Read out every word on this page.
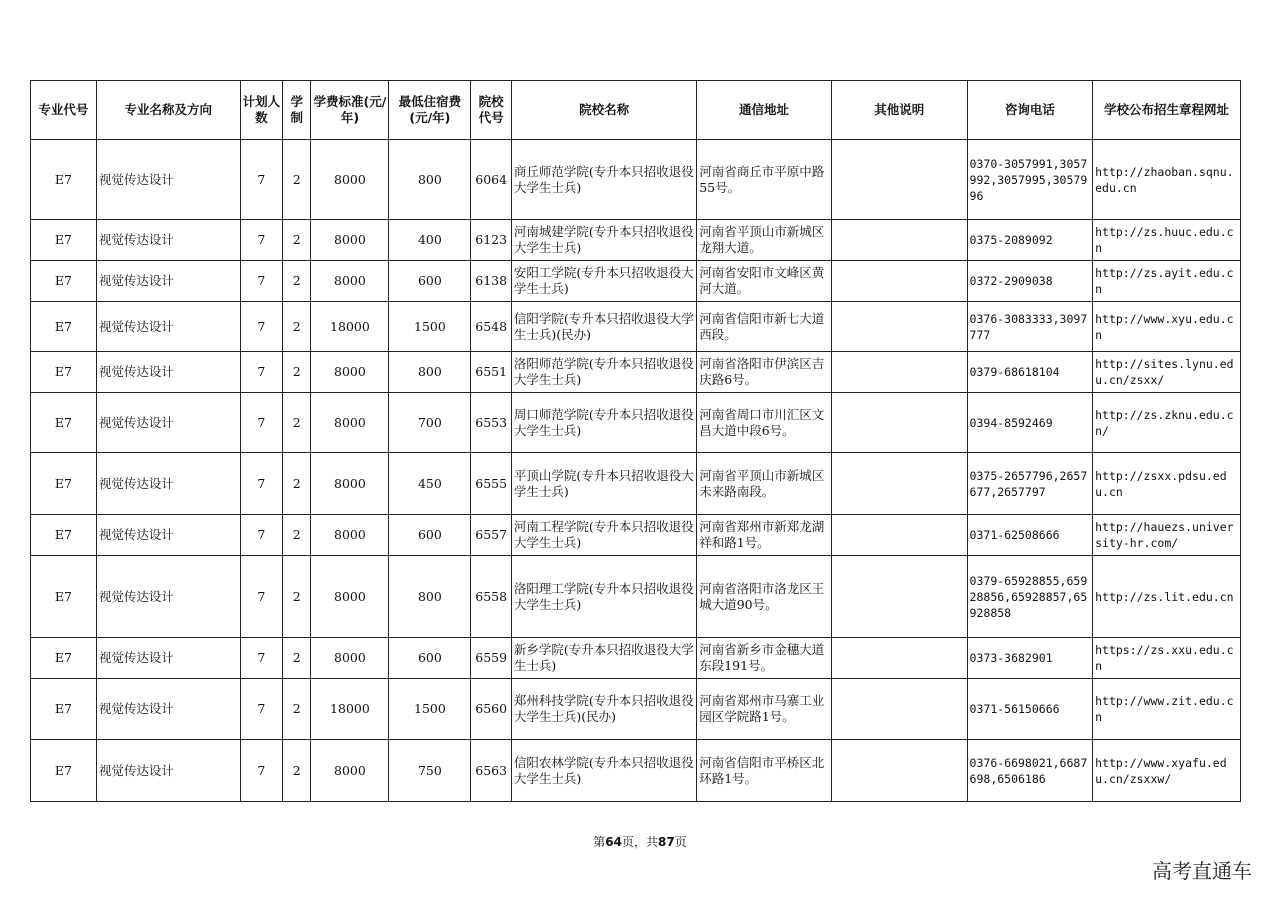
专业代号	专业名称及方向	计划人数	学制	学费标准(元/年)	最低住宿费(元/年)	院校代号	院校名称	通信地址	其他说明	咨询电话	学校公布招生章程网址
E7	视觉传达设计	7	2	8000	800	6064	商丘师范学院(专升本只招收退役大学生士兵)	河南省商丘市平原中路55号。		0370-3057991,3057992,3057995,3057996	http://zhaoban.sqnu.edu.cn
E7	视觉传达设计	7	2	8000	400	6123	河南城建学院(专升本只招收退役大学生士兵)	河南省平顶山市新城区龙翔大道。		0375-2089092	http://zs.huuc.edu.cn
E7	视觉传达设计	7	2	8000	600	6138	安阳工学院(专升本只招收退役大学生士兵)	河南省安阳市文峰区黄河大道。		0372-2909038	http://zs.ayit.edu.cn
E7	视觉传达设计	7	2	18000	1500	6548	信阳学院(专升本只招收退役大学生士兵)(民办)	河南省信阳市新七大道西段。		0376-3083333,3097777	http://www.xyu.edu.cn
E7	视觉传达设计	7	2	8000	800	6551	洛阳师范学院(专升本只招收退役大学生士兵)	河南省洛阳市伊滨区吉庆路6号。		0379-68618104	http://sites.lynu.edu.cn/zsxx/
E7	视觉传达设计	7	2	8000	700	6553	周口师范学院(专升本只招收退役大学生士兵)	河南省周口市川汇区文昌大道中段6号。		0394-8592469	http://zs.zknu.edu.cn/
E7	视觉传达设计	7	2	8000	450	6555	平顶山学院(专升本只招收退役大学生士兵)	河南省平顶山市新城区未来路南段。		0375-2657796,2657677,2657797	http://zsxx.pdsu.edu.cn
E7	视觉传达设计	7	2	8000	600	6557	河南工程学院(专升本只招收退役大学生士兵)	河南省郑州市新郑龙湖祥和路1号。		0371-62508666	http://hauezs.university-hr.com/
E7	视觉传达设计	7	2	8000	800	6558	洛阳理工学院(专升本只招收退役大学生士兵)	河南省洛阳市洛龙区王城大道90号。		0379-65928855,65928856,65928857,65928858	http://zs.lit.edu.cn
E7	视觉传达设计	7	2	8000	600	6559	新乡学院(专升本只招收退役大学生士兵)	河南省新乡市金穗大道东段191号。		0373-3682901	https://zs.xxu.edu.cn
E7	视觉传达设计	7	2	18000	1500	6560	郑州科技学院(专升本只招收退役大学生士兵)(民办)	河南省郑州市马寨工业园区学院路1号。		0371-56150666	http://www.zit.edu.cn
E7	视觉传达设计	7	2	8000	750	6563	信阳农林学院(专升本只招收退役大学生士兵)	河南省信阳市平桥区北环路1号。		0376-6698021,6687698,6506186	http://www.xyafu.edu.cn/zsxxw/
第64页，共87页
高考直通车
